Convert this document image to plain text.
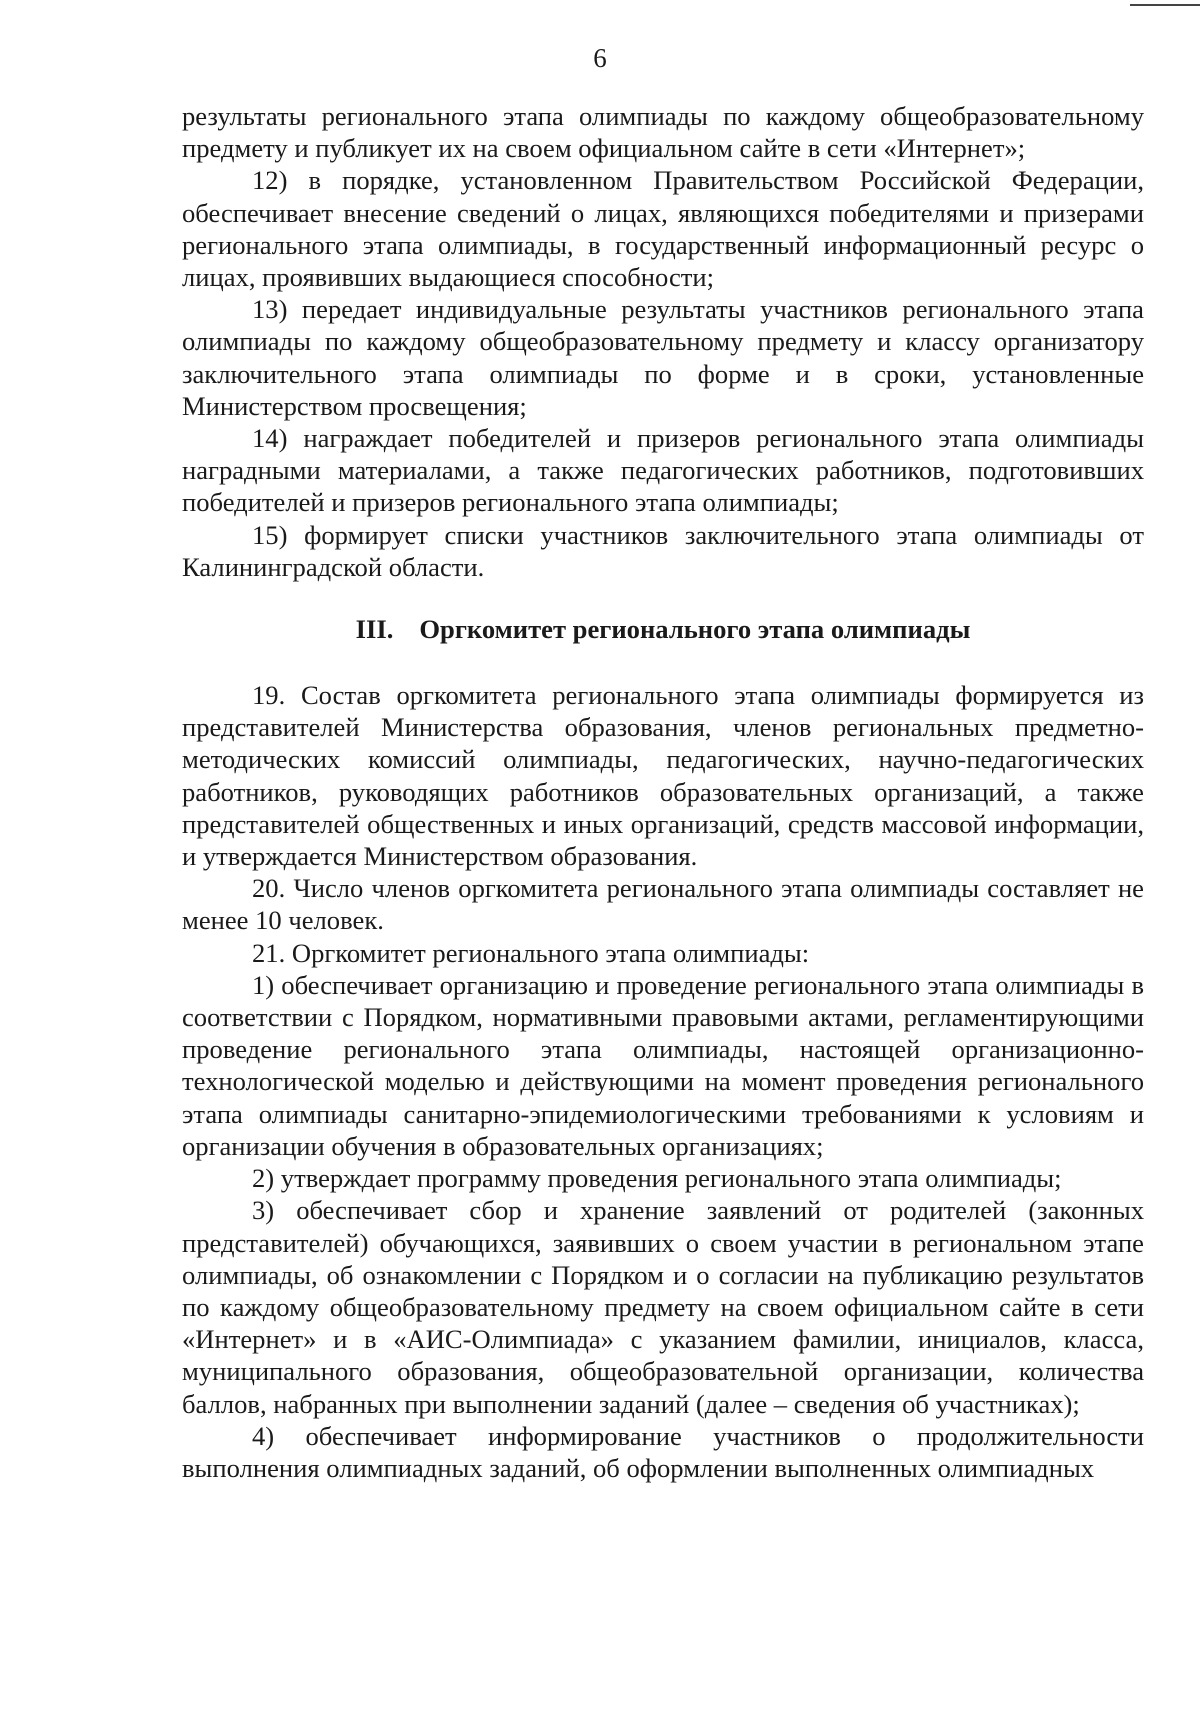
6

результаты регионального этапа олимпиады по каждому общеобразовательному предмету и публикует их на своем официальном сайте в сети «Интернет»;

12) в порядке, установленном Правительством Российской Федерации, обеспечивает внесение сведений о лицах, являющихся победителями и призерами регионального этапа олимпиады, в государственный информационный ресурс о лицах, проявивших выдающиеся способности;

13) передает индивидуальные результаты участников регионального этапа олимпиады по каждому общеобразовательному предмету и классу организатору заключительного этапа олимпиады по форме и в сроки, установленные Министерством просвещения;

14) награждает победителей и призеров регионального этапа олимпиады наградными материалами, а также педагогических работников, подготовивших победителей и призеров регионального этапа олимпиады;

15) формирует списки участников заключительного этапа олимпиады от Калининградской области.

III. Оргкомитет регионального этапа олимпиады

19. Состав оргкомитета регионального этапа олимпиады формируется из представителей Министерства образования, членов региональных предметно-методических комиссий олимпиады, педагогических, научно-педагогических работников, руководящих работников образовательных организаций, а также представителей общественных и иных организаций, средств массовой информации, и утверждается Министерством образования.

20. Число членов оргкомитета регионального этапа олимпиады составляет не менее 10 человек.

21. Оргкомитет регионального этапа олимпиады:

1) обеспечивает организацию и проведение регионального этапа олимпиады в соответствии с Порядком, нормативными правовыми актами, регламентирующими проведение регионального этапа олимпиады, настоящей организационно-технологической моделью и действующими на момент проведения регионального этапа олимпиады санитарно-эпидемиологическими требованиями к условиям и организации обучения в образовательных организациях;

2) утверждает программу проведения регионального этапа олимпиады;

3) обеспечивает сбор и хранение заявлений от родителей (законных представителей) обучающихся, заявивших о своем участии в региональном этапе олимпиады, об ознакомлении с Порядком и о согласии на публикацию результатов по каждому общеобразовательному предмету на своем официальном сайте в сети «Интернет» и в «АИС-Олимпиада» с указанием фамилии, инициалов, класса, муниципального образования, общеобразовательной организации, количества баллов, набранных при выполнении заданий (далее – сведения об участниках);

4) обеспечивает информирование участников о продолжительности выполнения олимпиадных заданий, об оформлении выполненных олимпиадных
